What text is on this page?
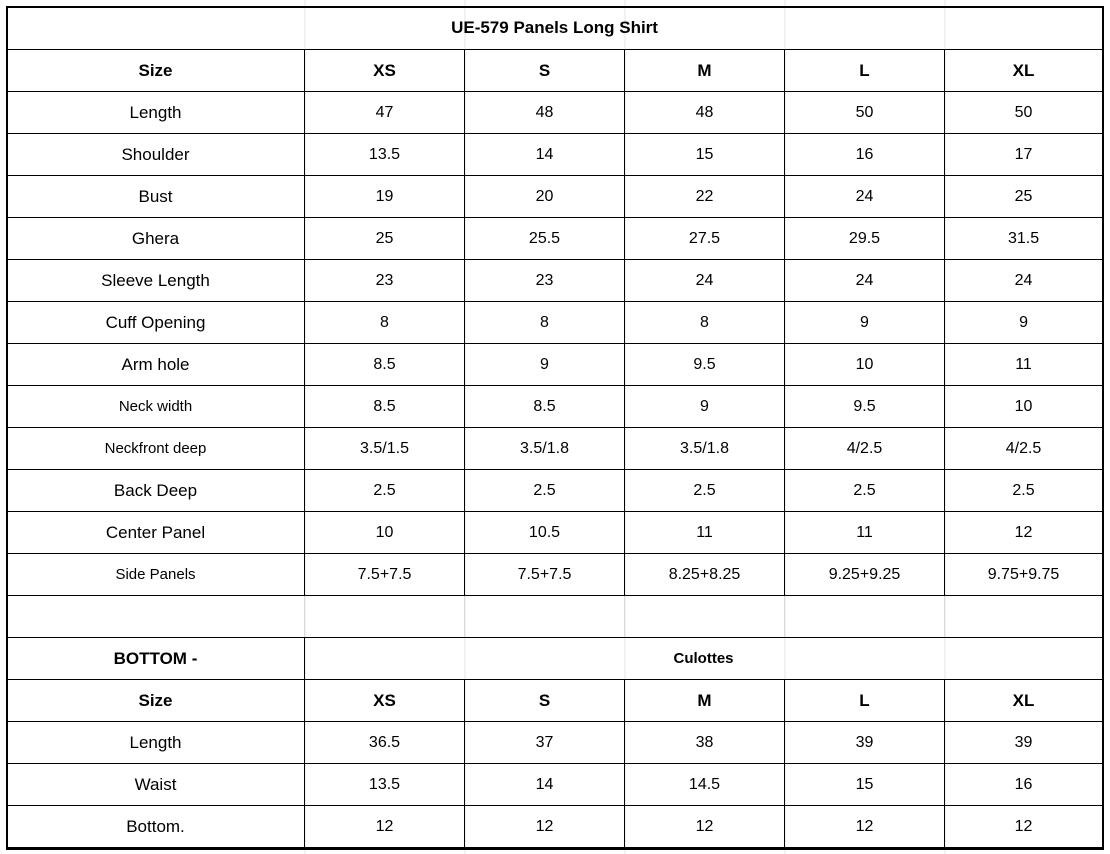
UE-579 Panels Long Shirt					
Size	XS	S	M	L	XL
Length	47	48	48	50	50
Shoulder	13.5	14	15	16	17
Bust	19	20	22	24	25
Ghera	25	25.5	27.5	29.5	31.5
Sleeve Length	23	23	24	24	24
Cuff Opening	8	8	8	9	9
Arm hole	8.5	9	9.5	10	11
Neck width	8.5	8.5	9	9.5	10
Neckfront deep	3.5/1.5	3.5/1.8	3.5/1.8	4/2.5	4/2.5
Back Deep	2.5	2.5	2.5	2.5	2.5
Center Panel	10	10.5	11	11	12
Side Panels	7.5+7.5	7.5+7.5	8.25+8.25	9.25+9.25	9.75+9.75

BOTTOM -	Culottes				
Size	XS	S	M	L	XL
Length	36.5	37	38	39	39
Waist	13.5	14	14.5	15	16
Bottom.	12	12	12	12	12
